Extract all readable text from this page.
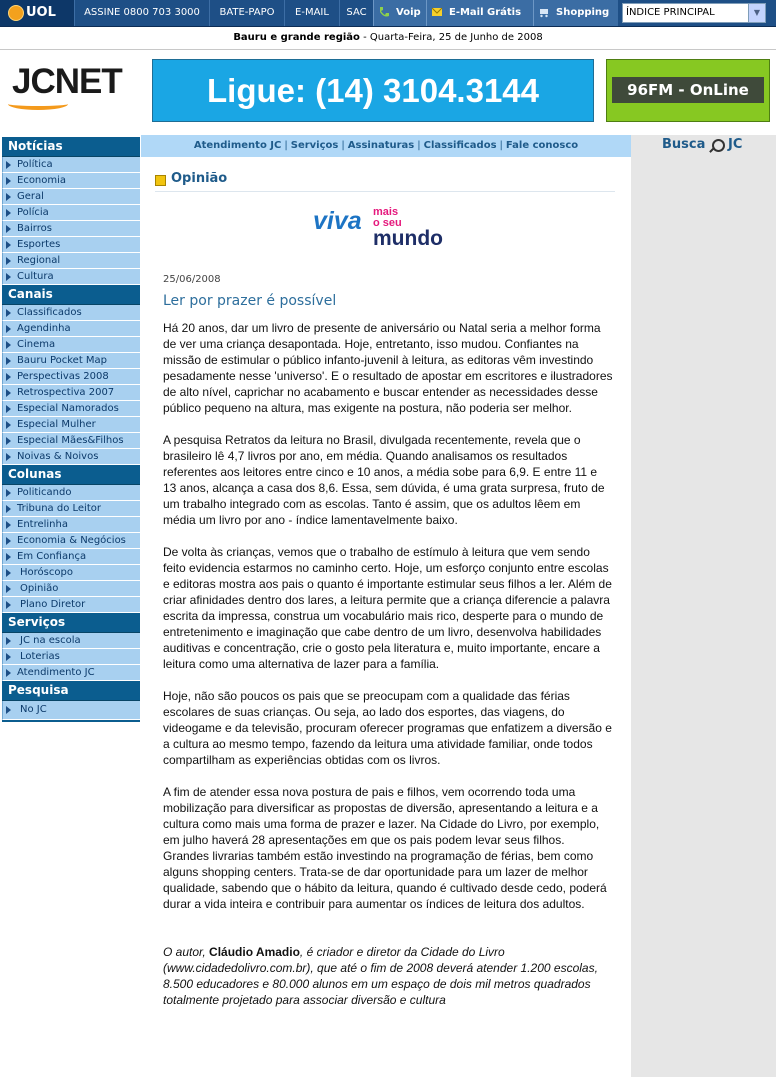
UOL	ASSINE 0800 703 3000	BATE-PAPO	E-MAIL	SAC	Voip	E-Mail Grátis	Shopping ÍNDICE PRINCIPAL	▼
Bauru e grande região - Quarta-Feira, 25 de Junho de 2008
JCNET	Ligue: (14) 3104.3144	96FM - OnLine
Notícias
Política
Economia
Geral
Polícia
Bairros
Esportes
Regional
Cultura
Canais
Classificados
Agendinha
Cinema
Bauru Pocket Map
Perspectivas 2008
Retrospectiva 2007
Especial Namorados
Especial Mulher
Especial Mães&Filhos
Noivas & Noivos
Colunas
Politicando
Tribuna do Leitor
Entrelinha
Economia & Negócios
Em Confiança
Horóscopo
Opinião
Plano Diretor
Serviços
JC na escola
Loterias
Atendimento JC
Pesquisa
No JC
Atendimento JC | Serviços | Assinaturas | Classificados | Fale conosco	Busca JC
Opinião
viva mais
o seu
mundo
25/06/2008
Ler por prazer é possível

Há 20 anos, dar um livro de presente de aniversário ou Natal seria a melhor forma de ver uma criança desapontada. Hoje, entretanto, isso mudou. Confiantes na missão de estimular o público infanto-juvenil à leitura, as editoras vêm investindo pesadamente nesse 'universo'. E o resultado de apostar em escritores e ilustradores de alto nível, caprichar no acabamento e buscar entender as necessidades desse público pequeno na altura, mas exigente na postura, não poderia ser melhor.

A pesquisa Retratos da leitura no Brasil, divulgada recentemente, revela que o brasileiro lê 4,7 livros por ano, em média. Quando analisamos os resultados referentes aos leitores entre cinco e 10 anos, a média sobe para 6,9. E entre 11 e 13 anos, alcança a casa dos 8,6. Essa, sem dúvida, é uma grata surpresa, fruto de um trabalho integrado com as escolas. Tanto é assim, que os adultos lêem em média um livro por ano - índice lamentavelmente baixo.

De volta às crianças, vemos que o trabalho de estímulo à leitura que vem sendo feito evidencia estarmos no caminho certo. Hoje, um esforço conjunto entre escolas e editoras mostra aos pais o quanto é importante estimular seus filhos a ler. Além de criar afinidades dentro dos lares, a leitura permite que a criança diferencie a palavra escrita da impressa, construa um vocabulário mais rico, desperte para o mundo de entretenimento e imaginação que cabe dentro de um livro, desenvolva habilidades auditivas e concentração, crie o gosto pela literatura e, muito importante, encare a leitura como uma alternativa de lazer para a família.

Hoje, não são poucos os pais que se preocupam com a qualidade das férias escolares de suas crianças. Ou seja, ao lado dos esportes, das viagens, do videogame e da televisão, procuram oferecer programas que enfatizem a diversão e a cultura ao mesmo tempo, fazendo da leitura uma atividade familiar, onde todos compartilham as experiências obtidas com os livros.

A fim de atender essa nova postura de pais e filhos, vem ocorrendo toda uma mobilização para diversificar as propostas de diversão, apresentando a leitura e a cultura como mais uma forma de prazer e lazer. Na Cidade do Livro, por exemplo, em julho haverá 28 apresentações em que os pais podem levar seus filhos. Grandes livrarias também estão investindo na programação de férias, bem como alguns shopping centers. Trata-se de dar oportunidade para um lazer de melhor qualidade, sabendo que o hábito da leitura, quando é cultivado desde cedo, poderá durar a vida inteira e contribuir para aumentar os índices de leitura dos adultos.

O autor, Cláudio Amadio, é criador e diretor da Cidade do Livro (www.cidadedolivro.com.br), que até o fim de 2008 deverá atender 1.200 escolas, 8.500 educadores e 80.000 alunos em um espaço de dois mil metros quadrados totalmente projetado para associar diversão e cultura
